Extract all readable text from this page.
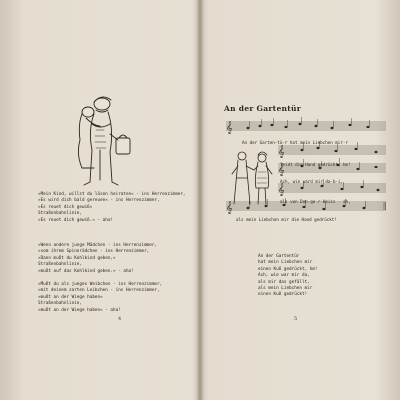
»Mein Kind, willst du lösen heiraten« - ins Herrenzimmer,
»Es wird dich bald gereuen« - ins Herrenzimmer,
»Es reuet dich gewiß«
Straßenbahnlinie,
»Es reuet dich gewiß.« - aha!
»Wenn andere junge Mädchen - ins Herrenzimmer,
»vom ihrem Spinnrädchen - ins Herrenzimmer,
»Dann mußt du Kohlkind geben,«
Straßenbahnlinie,
»mußt auf das Kohlkind geben.« - aha!
»Mußt du als junges Weibchen - ins Herrenzimmer,
»mit deinem zarten Leibchen - ins Herrenzimmer,
»mußt an der Wiege haben«
Straßenbahnlinie,
»mußt an der Wiege haben« - aha!
4
An der Gartentür
𝄞
𝄞
𝄞
𝄞
𝄞
An der Garten-tü-r hat mein Liebchen mir-r
leidt die Hand gedrückt, hm!
Ach, wie ward mir da-b-i,
als von Don-ge-r-Weiss - ah,
als mein Liebchen mir die Hand gedrückt!
An der Gartentür
hat mein Liebchen mir
einen Kuß gedrückt, hm!
Ach, wie war mir da,
als mir das gefällt,
als mein Liebchen mir
einen Kuß gedrückt!
5
